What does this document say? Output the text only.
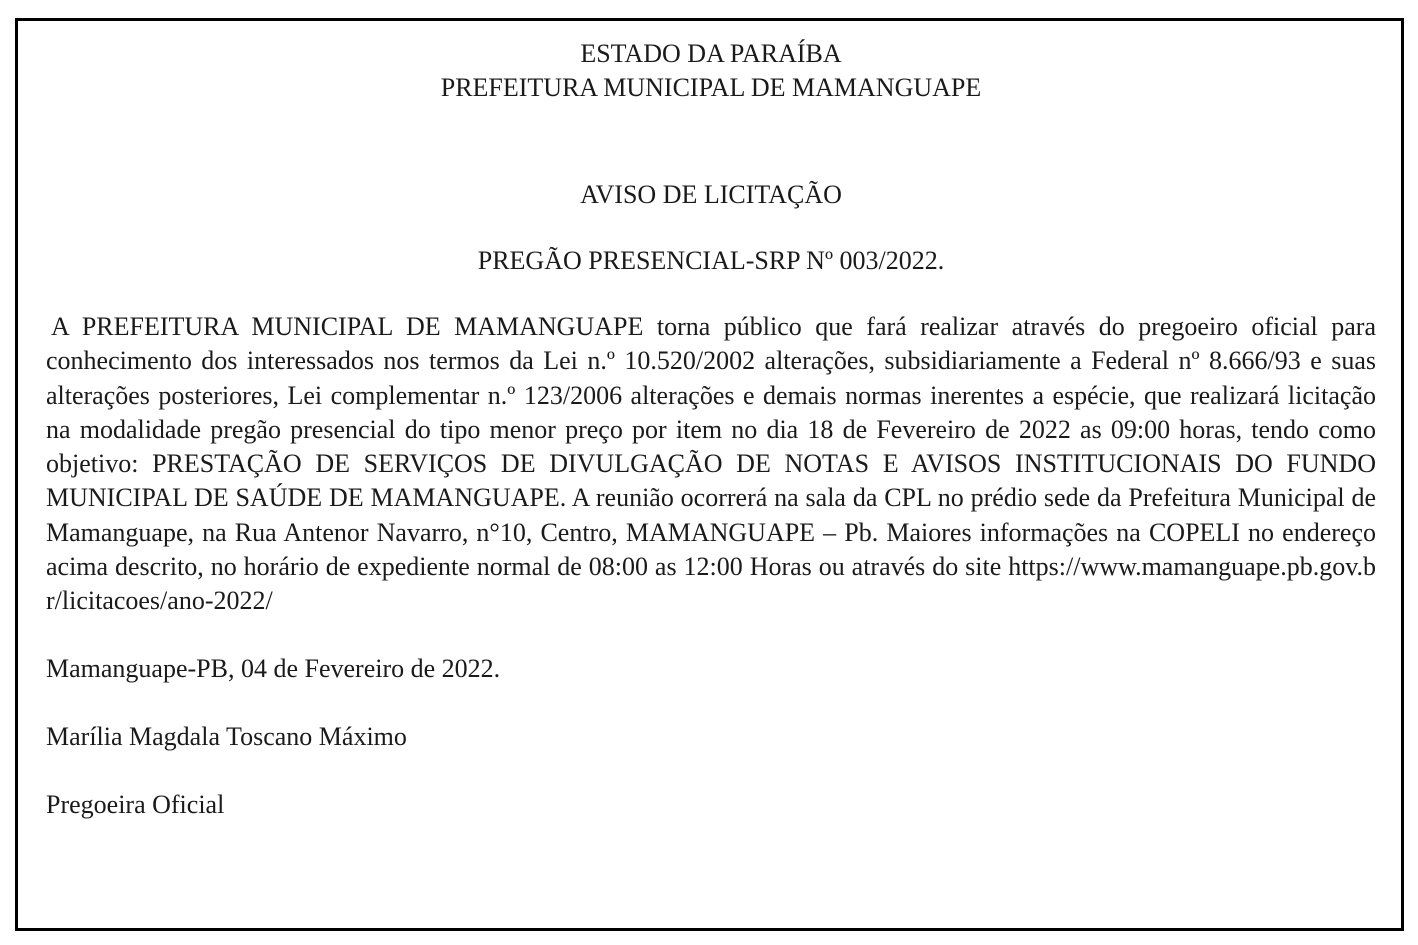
ESTADO DA PARAÍBA

PREFEITURA MUNICIPAL DE MAMANGUAPE

AVISO DE LICITAÇÃO

PREGÃO PRESENCIAL-SRP Nº 003/2022.

A PREFEITURA MUNICIPAL DE MAMANGUAPE torna público que fará realizar através do pregoeiro oficial para conhecimento dos interessados nos termos da Lei n.º 10.520/2002 alterações, subsidiariamente a Federal nº 8.666/93 e suas alterações posteriores, Lei complementar n.º 123/2006 alterações e demais normas inerentes a espécie, que realizará licitação na modalidade pregão presencial do tipo menor preço por item no dia 18 de Fevereiro de 2022 as 09:00 horas, tendo como objetivo: PRESTAÇÃO DE SERVIÇOS DE DIVULGAÇÃO DE NOTAS E AVISOS INSTITUCIONAIS DO FUNDO MUNICIPAL DE SAÚDE DE MAMANGUAPE. A reunião ocorrerá na sala da CPL no prédio sede da Prefeitura Municipal de Mamanguape, na Rua Antenor Navarro, n°10, Centro, MAMANGUAPE – Pb. Maiores informações na COPELI no endereço acima descrito, no horário de expediente normal de 08:00 as 12:00 Horas ou através do site https://www.mamanguape.pb.gov.br/licitacoes/ano-2022/

Mamanguape-PB, 04 de Fevereiro de 2022.

Marília Magdala Toscano Máximo

Pregoeira Oficial
